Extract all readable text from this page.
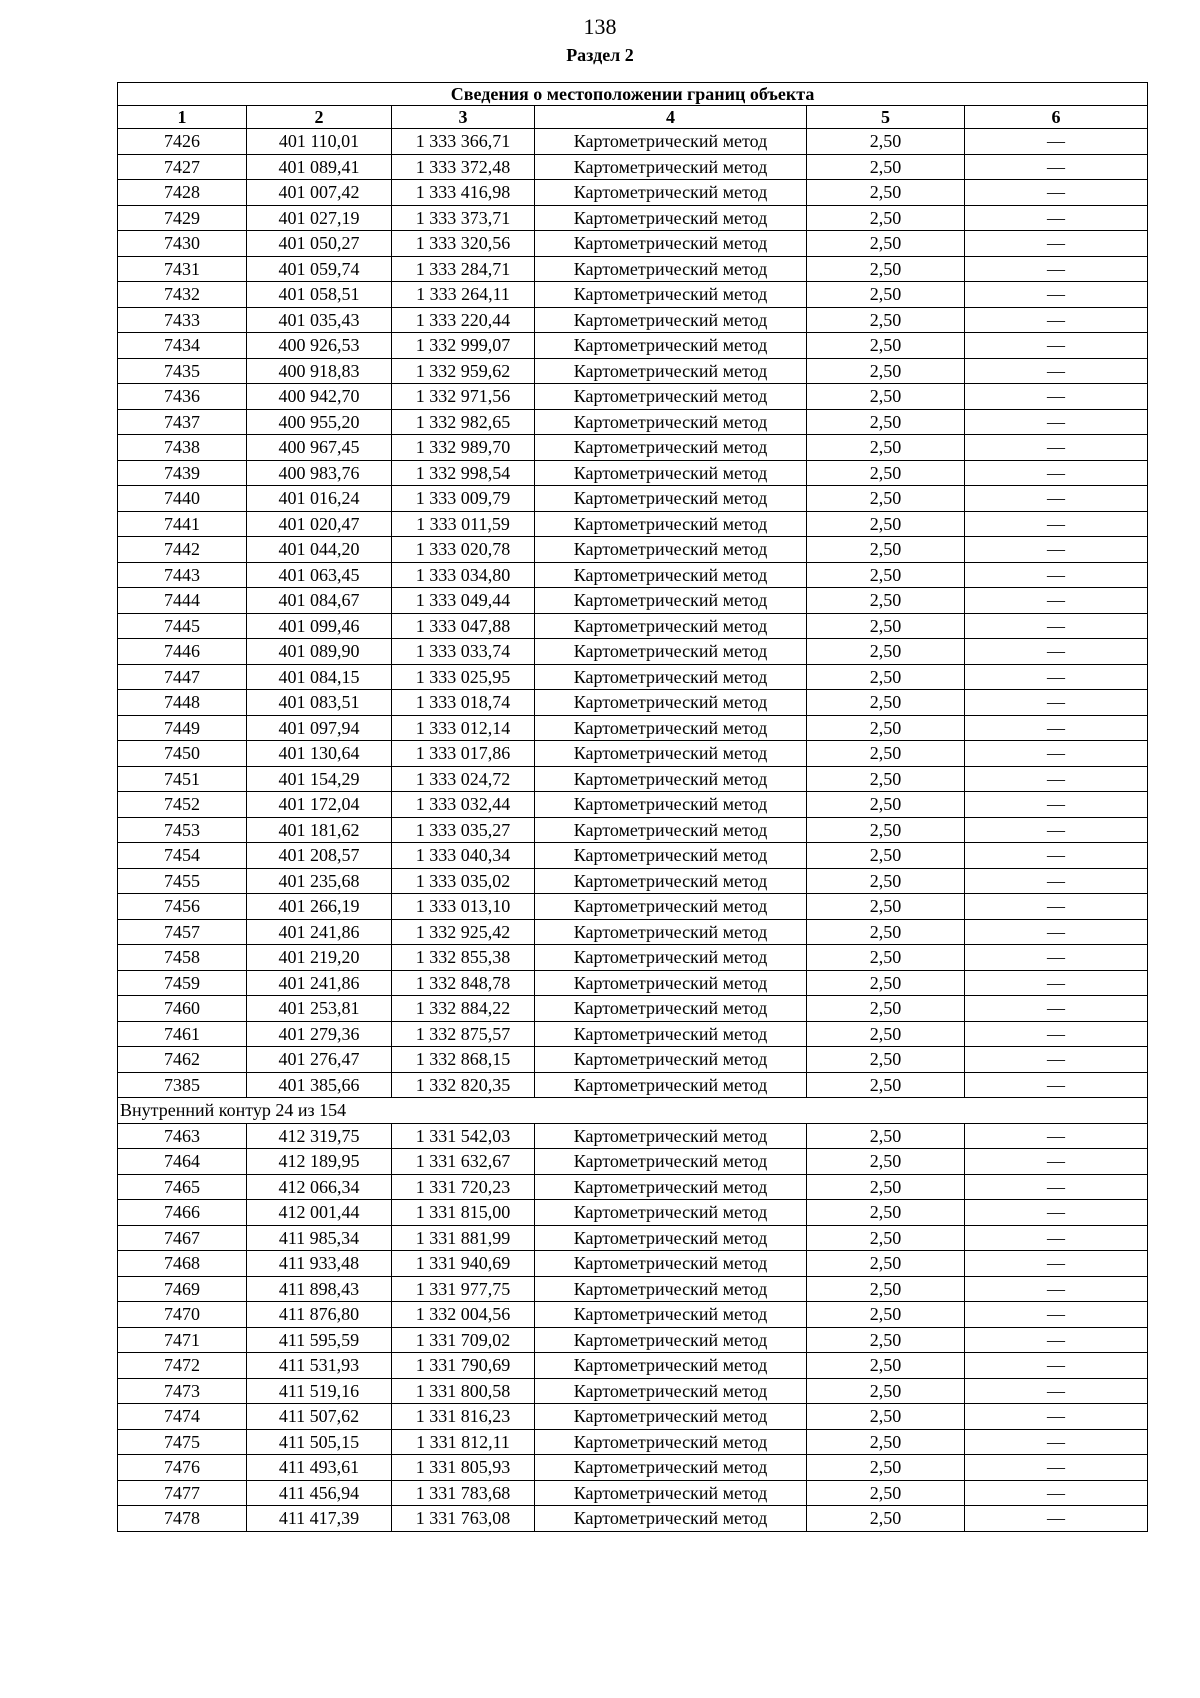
138
Раздел 2
Сведения о местоположении границ объекта					
1	2	3	4	5	6
7426	401 110,01	1 333 366,71	Картометрический метод	2,50	—
7427	401 089,41	1 333 372,48	Картометрический метод	2,50	—
7428	401 007,42	1 333 416,98	Картометрический метод	2,50	—
7429	401 027,19	1 333 373,71	Картометрический метод	2,50	—
7430	401 050,27	1 333 320,56	Картометрический метод	2,50	—
7431	401 059,74	1 333 284,71	Картометрический метод	2,50	—
7432	401 058,51	1 333 264,11	Картометрический метод	2,50	—
7433	401 035,43	1 333 220,44	Картометрический метод	2,50	—
7434	400 926,53	1 332 999,07	Картометрический метод	2,50	—
7435	400 918,83	1 332 959,62	Картометрический метод	2,50	—
7436	400 942,70	1 332 971,56	Картометрический метод	2,50	—
7437	400 955,20	1 332 982,65	Картометрический метод	2,50	—
7438	400 967,45	1 332 989,70	Картометрический метод	2,50	—
7439	400 983,76	1 332 998,54	Картометрический метод	2,50	—
7440	401 016,24	1 333 009,79	Картометрический метод	2,50	—
7441	401 020,47	1 333 011,59	Картометрический метод	2,50	—
7442	401 044,20	1 333 020,78	Картометрический метод	2,50	—
7443	401 063,45	1 333 034,80	Картометрический метод	2,50	—
7444	401 084,67	1 333 049,44	Картометрический метод	2,50	—
7445	401 099,46	1 333 047,88	Картометрический метод	2,50	—
7446	401 089,90	1 333 033,74	Картометрический метод	2,50	—
7447	401 084,15	1 333 025,95	Картометрический метод	2,50	—
7448	401 083,51	1 333 018,74	Картометрический метод	2,50	—
7449	401 097,94	1 333 012,14	Картометрический метод	2,50	—
7450	401 130,64	1 333 017,86	Картометрический метод	2,50	—
7451	401 154,29	1 333 024,72	Картометрический метод	2,50	—
7452	401 172,04	1 333 032,44	Картометрический метод	2,50	—
7453	401 181,62	1 333 035,27	Картометрический метод	2,50	—
7454	401 208,57	1 333 040,34	Картометрический метод	2,50	—
7455	401 235,68	1 333 035,02	Картометрический метод	2,50	—
7456	401 266,19	1 333 013,10	Картометрический метод	2,50	—
7457	401 241,86	1 332 925,42	Картометрический метод	2,50	—
7458	401 219,20	1 332 855,38	Картометрический метод	2,50	—
7459	401 241,86	1 332 848,78	Картометрический метод	2,50	—
7460	401 253,81	1 332 884,22	Картометрический метод	2,50	—
7461	401 279,36	1 332 875,57	Картометрический метод	2,50	—
7462	401 276,47	1 332 868,15	Картометрический метод	2,50	—
7385	401 385,66	1 332 820,35	Картометрический метод	2,50	—
Внутренний контур 24 из 154					
7463	412 319,75	1 331 542,03	Картометрический метод	2,50	—
7464	412 189,95	1 331 632,67	Картометрический метод	2,50	—
7465	412 066,34	1 331 720,23	Картометрический метод	2,50	—
7466	412 001,44	1 331 815,00	Картометрический метод	2,50	—
7467	411 985,34	1 331 881,99	Картометрический метод	2,50	—
7468	411 933,48	1 331 940,69	Картометрический метод	2,50	—
7469	411 898,43	1 331 977,75	Картометрический метод	2,50	—
7470	411 876,80	1 332 004,56	Картометрический метод	2,50	—
7471	411 595,59	1 331 709,02	Картометрический метод	2,50	—
7472	411 531,93	1 331 790,69	Картометрический метод	2,50	—
7473	411 519,16	1 331 800,58	Картометрический метод	2,50	—
7474	411 507,62	1 331 816,23	Картометрический метод	2,50	—
7475	411 505,15	1 331 812,11	Картометрический метод	2,50	—
7476	411 493,61	1 331 805,93	Картометрический метод	2,50	—
7477	411 456,94	1 331 783,68	Картометрический метод	2,50	—
7478	411 417,39	1 331 763,08	Картометрический метод	2,50	—
